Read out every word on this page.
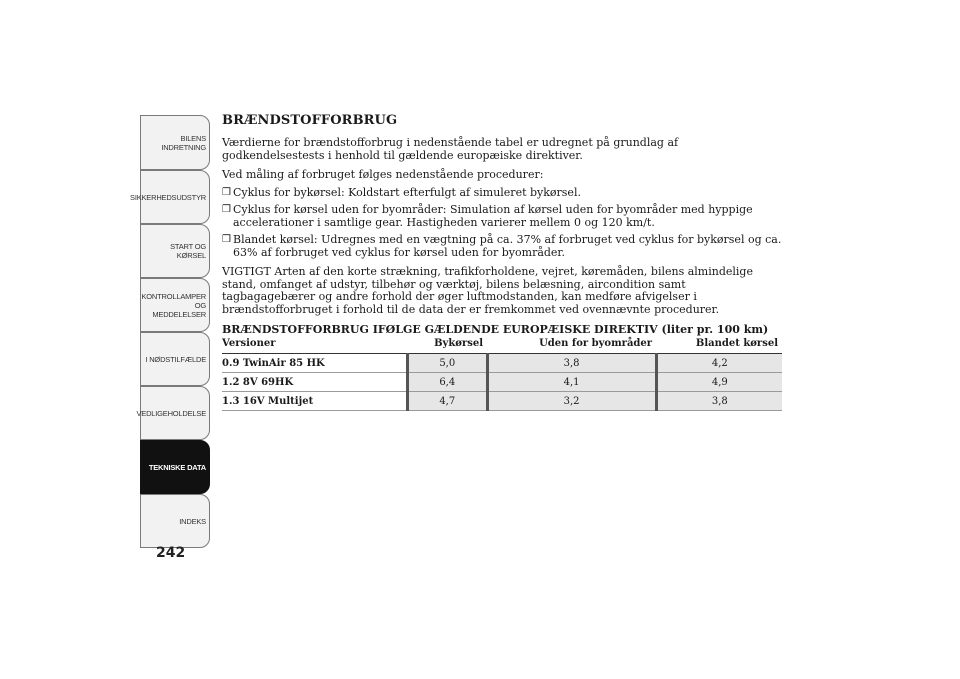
BILENS
INDRETNING
SIKKERHEDSUDSTYR
START OG KØRSEL
KONTROLLAMPER
OG MEDDELELSER
I NØDSTILFÆLDE
VEDLIGEHOLDELSE
TEKNISKE DATA
INDEKS
242
BRÆNDSTOFFORBRUG

Værdierne for brændstofforbrug i nedenstående tabel er udregnet på grundlag af godkendelsestests i henhold til gældende europæiske direktiver.

Ved måling af forbruget følges nedenstående procedurer:

❒ Cyklus for bykørsel: Koldstart efterfulgt af simuleret bykørsel.
❒ Cyklus for kørsel uden for byområder: Simulation af kørsel uden for byområder med hyppige accelerationer i samtlige gear. Hastigheden varierer mellem 0 og 120 km/t.
❒ Blandet kørsel: Udregnes med en vægtning på ca. 37% af forbruget ved cyklus for bykørsel og ca. 63% af forbruget ved cyklus for kørsel uden for byområder.

VIGTIGT Arten af den korte strækning, trafikforholdene, vejret, køremåden, bilens almindelige stand, omfanget af udstyr, tilbehør og værktøj, bilens belæsning, aircondition samt tagbagagebærer og andre forhold der øger luftmodstanden, kan medføre afvigelser i brændstofforbruget i forhold til de data der er fremkommet ved ovennævnte procedurer.

BRÆNDSTOFFORBRUG IFØLGE GÆLDENDE EUROPÆISKE DIREKTIV (liter pr. 100 km)
Versioner	Bykørsel	Uden for byområder	Blandet kørsel
0.9 TwinAir 85 HK	5,0	3,8	4,2
1.2 8V 69HK	6,4	4,1	4,9
1.3 16V Multijet	4,7	3,2	3,8
